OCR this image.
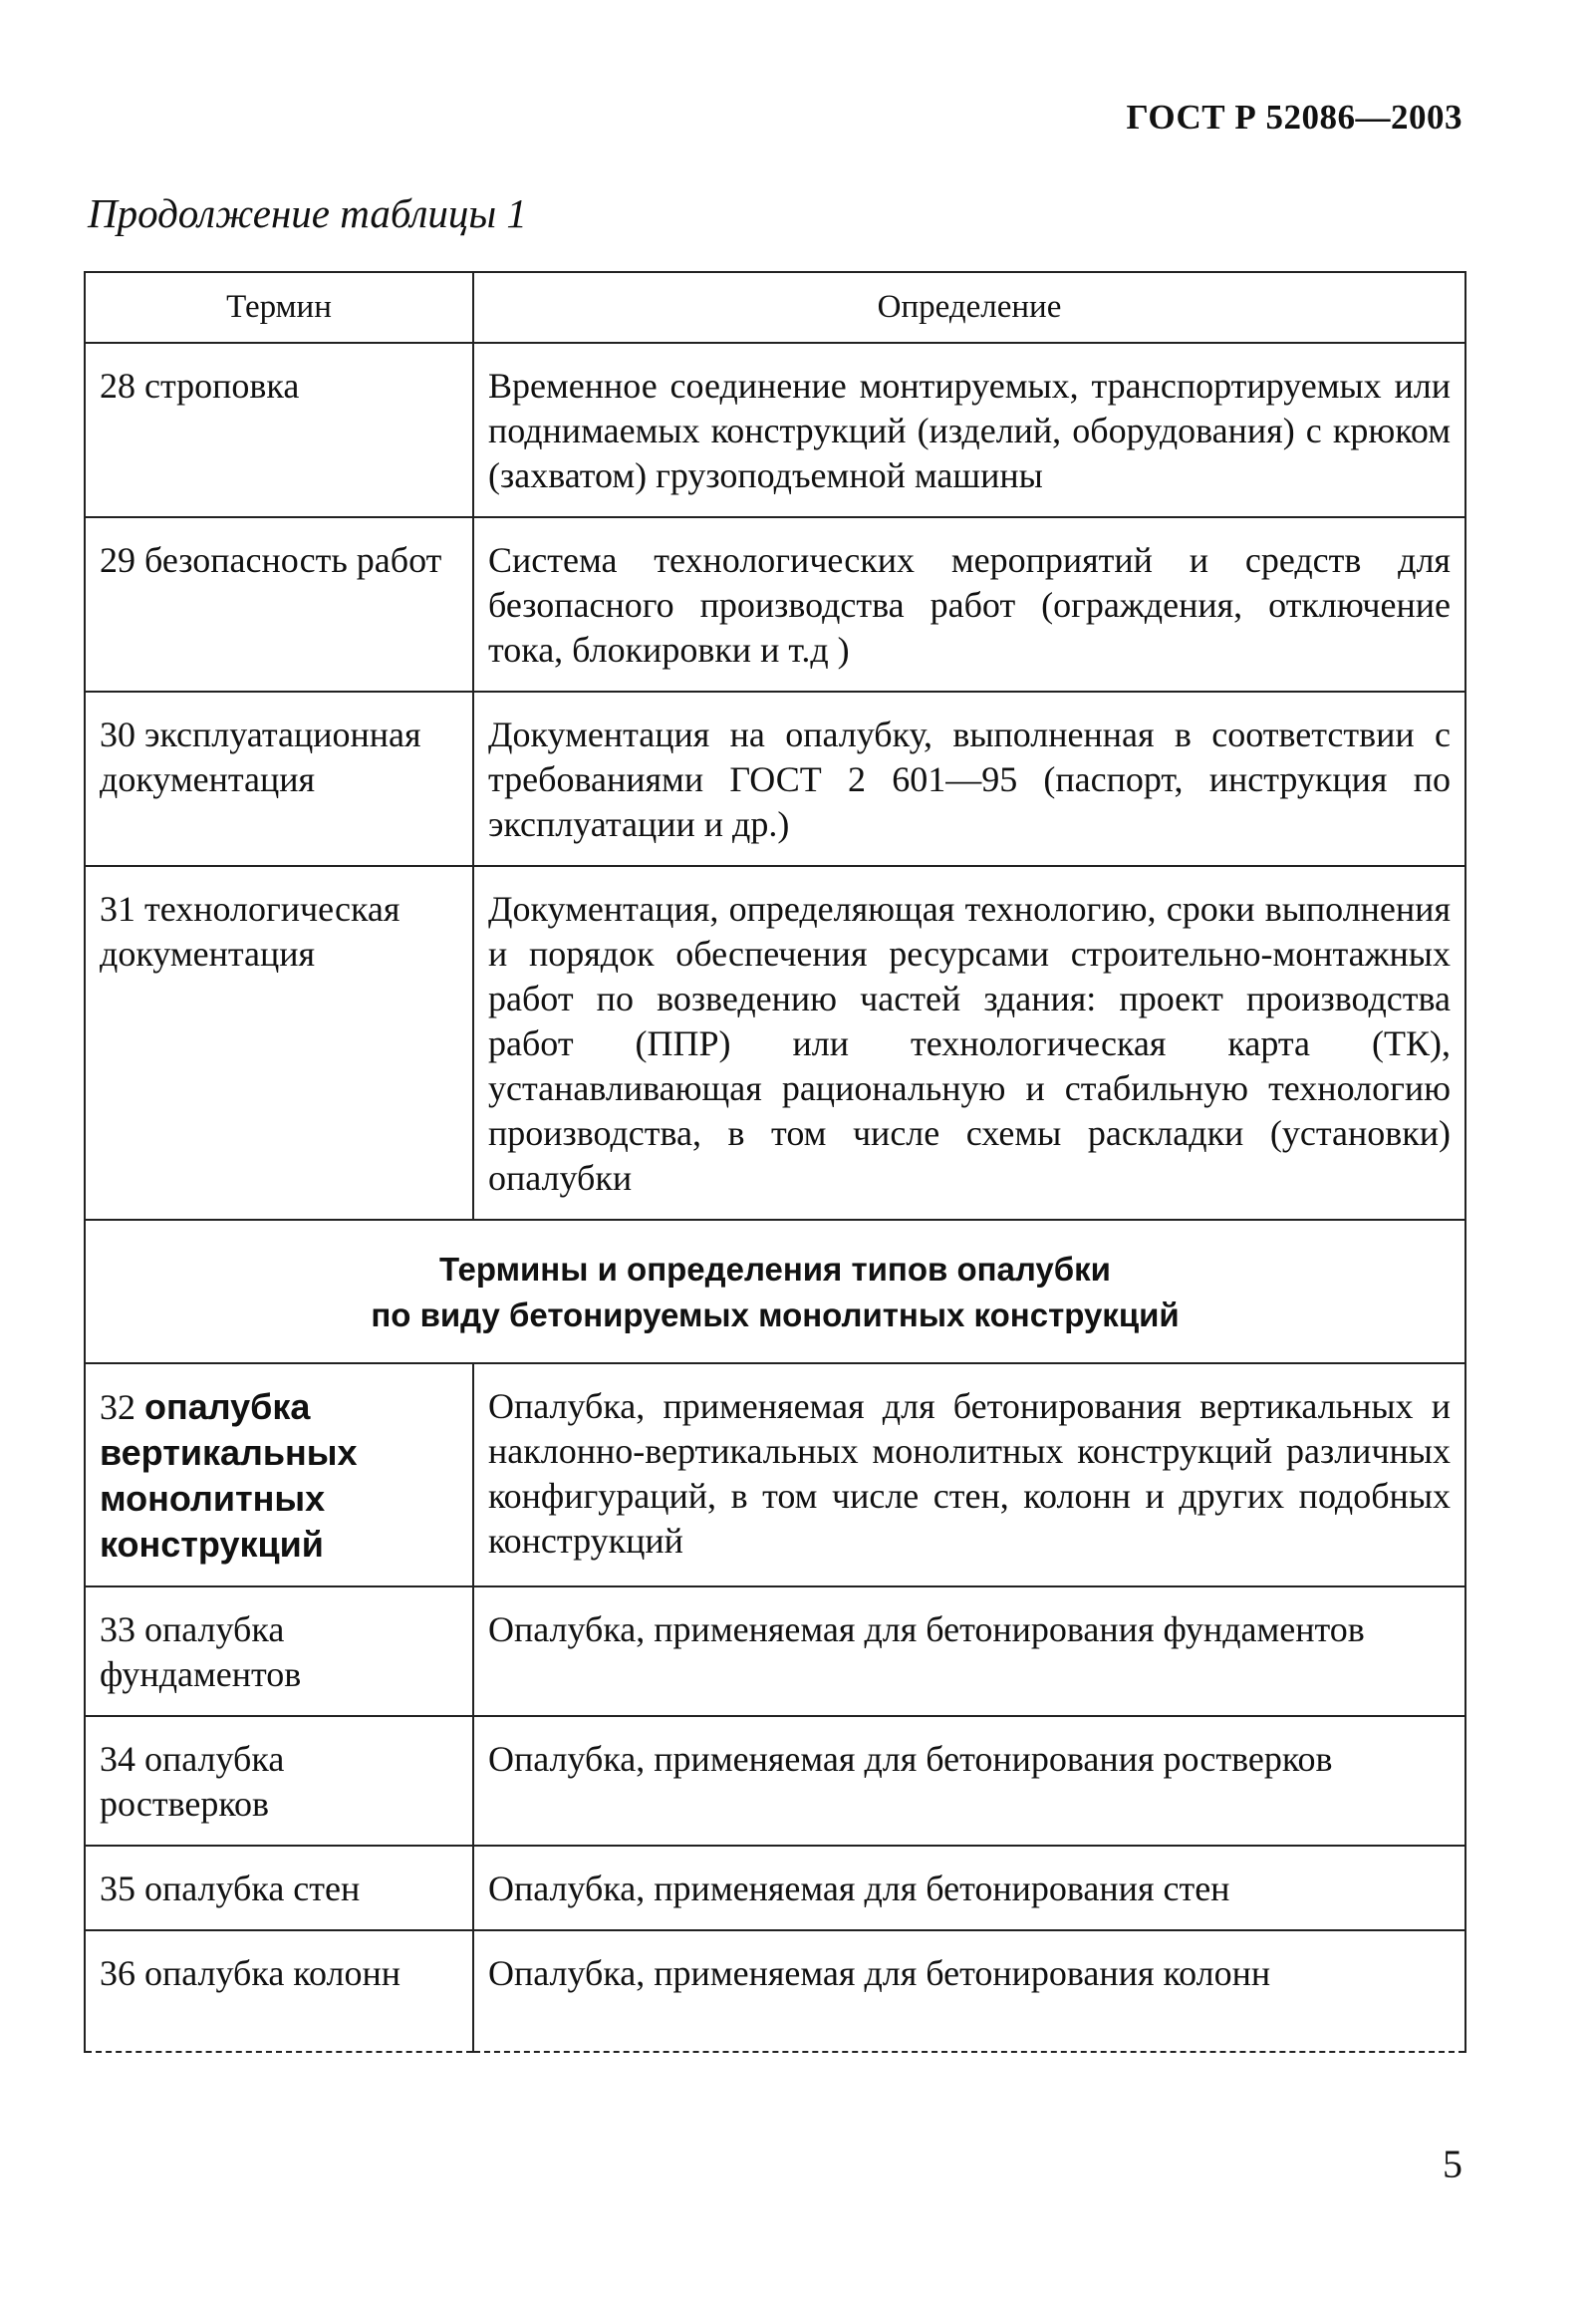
ГОСТ Р 52086—2003
Продолжение таблицы 1
Термин	Определение
28 строповка	Временное соединение монтируемых, транспортируемых или поднимаемых конструкций (изделий, оборудования) с крюком (захватом) грузоподъемной машины
29 безопасность работ	Система технологических мероприятий и средств для безопасного производства работ (ограждения, отключение тока, блокировки и т.д )
30 эксплуатационная документация	Документация на опалубку, выполненная в соответствии с требованиями ГОСТ 2 601—95 (паспорт, инструкция по эксплуатации и др.)
31 технологическая документация	Документация, определяющая технологию, сроки выполнения и порядок обеспечения ресурсами строительно-монтажных работ по возведению частей здания: проект производства работ (ППР) или технологическая карта (ТК), устанавливающая рациональную и стабильную технологию производства, в том числе схемы раскладки (установки) опалубки

Термины и определения типов опалубки
по виду бетонируемых монолитных конструкций	

32 опалубка вертикальных монолитных конструкций	Опалубка, применяемая для бетонирования вертикальных и наклонно-вертикальных монолитных конструкций различных конфигураций, в том числе стен, колонн и других подобных конструкций
33 опалубка фундаментов	Опалубка, применяемая для бетонирования фундаментов
34 опалубка ростверков	Опалубка, применяемая для бетонирования ростверков
35 опалубка стен	Опалубка, применяемая для бетонирования стен
36 опалубка колонн	Опалубка, применяемая для бетонирования колонн
5
